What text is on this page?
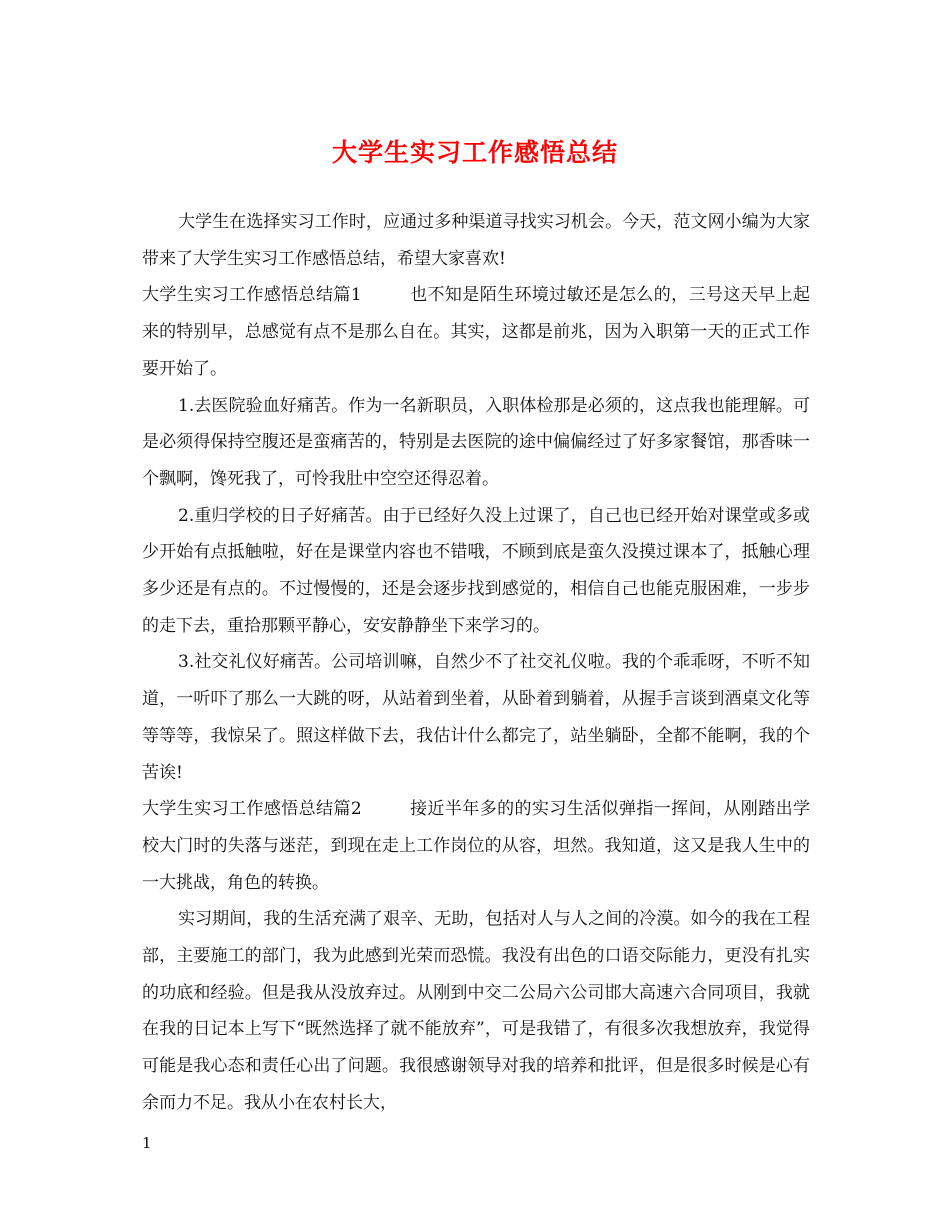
大学生实习工作感悟总结

大学生在选择实习工作时，应通过多种渠道寻找实习机会。今天，范文网小编为大家带来了大学生实习工作感悟总结，希望大家喜欢!

大学生实习工作感悟总结篇1	也不知是陌生环境过敏还是怎么的，三号这天早上起来的特别早，总感觉有点不是那么自在。其实，这都是前兆，因为入职第一天的正式工作要开始了。

1.去医院验血好痛苦。作为一名新职员，入职体检那是必须的，这点我也能理解。可是必须得保持空腹还是蛮痛苦的，特别是去医院的途中偏偏经过了好多家餐馆，那香味一个飘啊，馋死我了，可怜我肚中空空还得忍着。

2.重归学校的日子好痛苦。由于已经好久没上过课了，自己也已经开始对课堂或多或少开始有点抵触啦，好在是课堂内容也不错哦，不顾到底是蛮久没摸过课本了，抵触心理多少还是有点的。不过慢慢的，还是会逐步找到感觉的，相信自己也能克服困难，一步步的走下去，重拾那颗平静心，安安静静坐下来学习的。

3.社交礼仪好痛苦。公司培训嘛，自然少不了社交礼仪啦。我的个乖乖呀，不听不知道，一听吓了那么一大跳的呀，从站着到坐着，从卧着到躺着，从握手言谈到酒桌文化等等等等，我惊呆了。照这样做下去，我估计什么都完了，站坐躺卧，全都不能啊，我的个苦诶!

大学生实习工作感悟总结篇2	接近半年多的的实习生活似弹指一挥间，从刚踏出学校大门时的失落与迷茫，到现在走上工作岗位的从容，坦然。我知道，这又是我人生中的一大挑战，角色的转换。

实习期间，我的生活充满了艰辛、无助，包括对人与人之间的冷漠。如今的我在工程部，主要施工的部门，我为此感到光荣而恐慌。我没有出色的口语交际能力，更没有扎实的功底和经验。但是我从没放弃过。从刚到中交二公局六公司邯大高速六合同项目，我就在我的日记本上写下“既然选择了就不能放弃”，可是我错了，有很多次我想放弃，我觉得可能是我心态和责任心出了问题。我很感谢领导对我的培养和批评，但是很多时候是心有余而力不足。我从小在农村长大，

1
